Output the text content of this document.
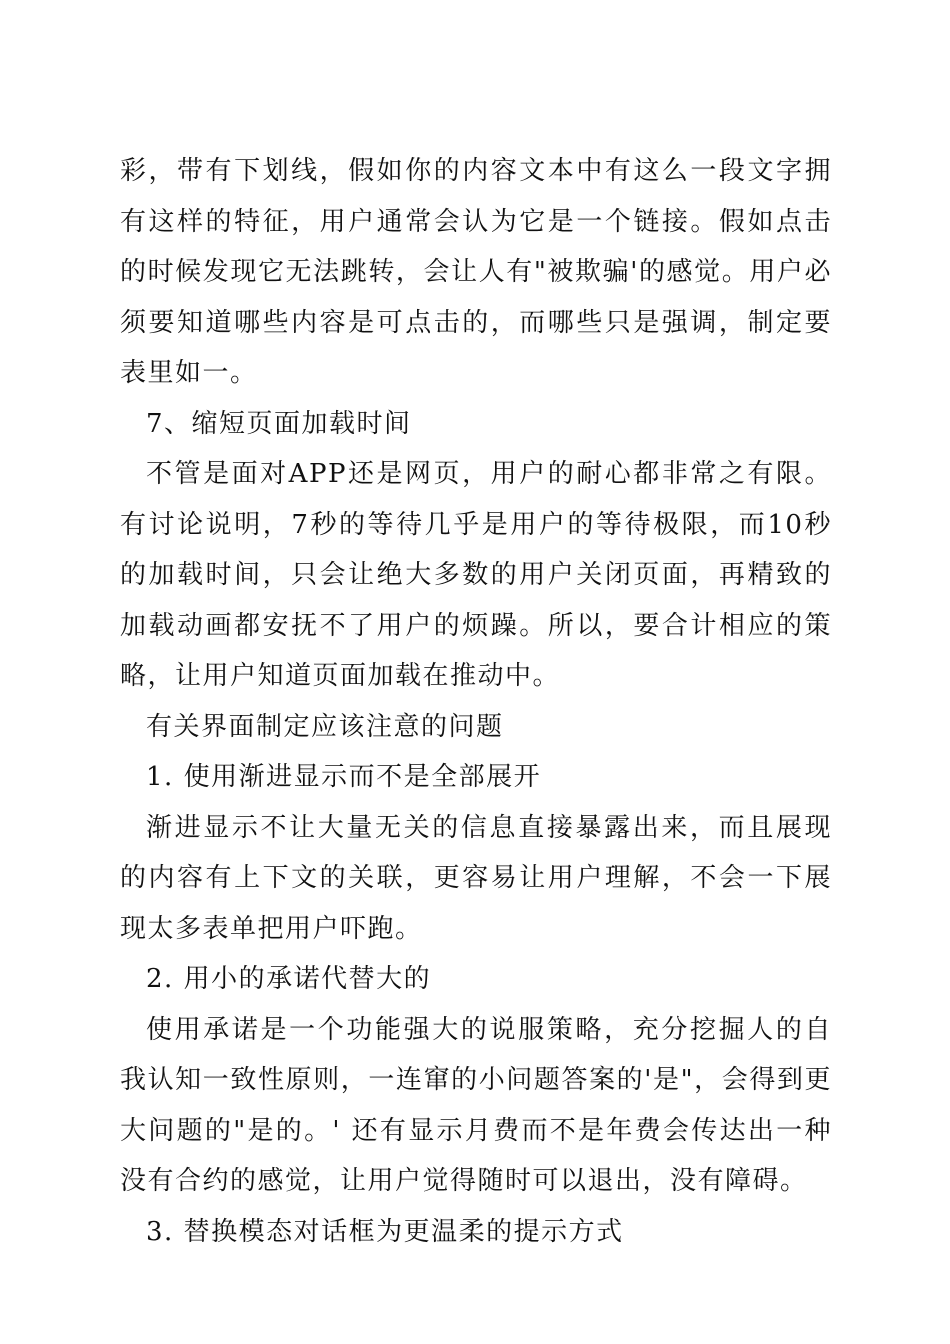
彩，带有下划线，假如你的内容文本中有这么一段文字拥有这样的特征，用户通常会认为它是一个链接。假如点击的时候发现它无法跳转，会让人有"被欺骗'的感觉。用户必须要知道哪些内容是可点击的，而哪些只是强调，制定要表里如一。

7、缩短页面加载时间

不管是面对APP还是网页，用户的耐心都非常之有限。有讨论说明，7秒的等待几乎是用户的等待极限，而10秒的加载时间，只会让绝大多数的用户关闭页面，再精致的加载动画都安抚不了用户的烦躁。所以，要合计相应的策略，让用户知道页面加载在推动中。

有关界面制定应该注意的问题

1. 使用渐进显示而不是全部展开

渐进显示不让大量无关的信息直接暴露出来，而且展现的内容有上下文的关联，更容易让用户理解，不会一下展现太多表单把用户吓跑。

2. 用小的承诺代替大的

使用承诺是一个功能强大的说服策略，充分挖掘人的自我认知一致性原则，一连窜的小问题答案的'是"，会得到更大问题的"是的。' 还有显示月费而不是年费会传达出一种没有合约的感觉，让用户觉得随时可以退出，没有障碍。

3. 替换模态对话框为更温柔的提示方式
